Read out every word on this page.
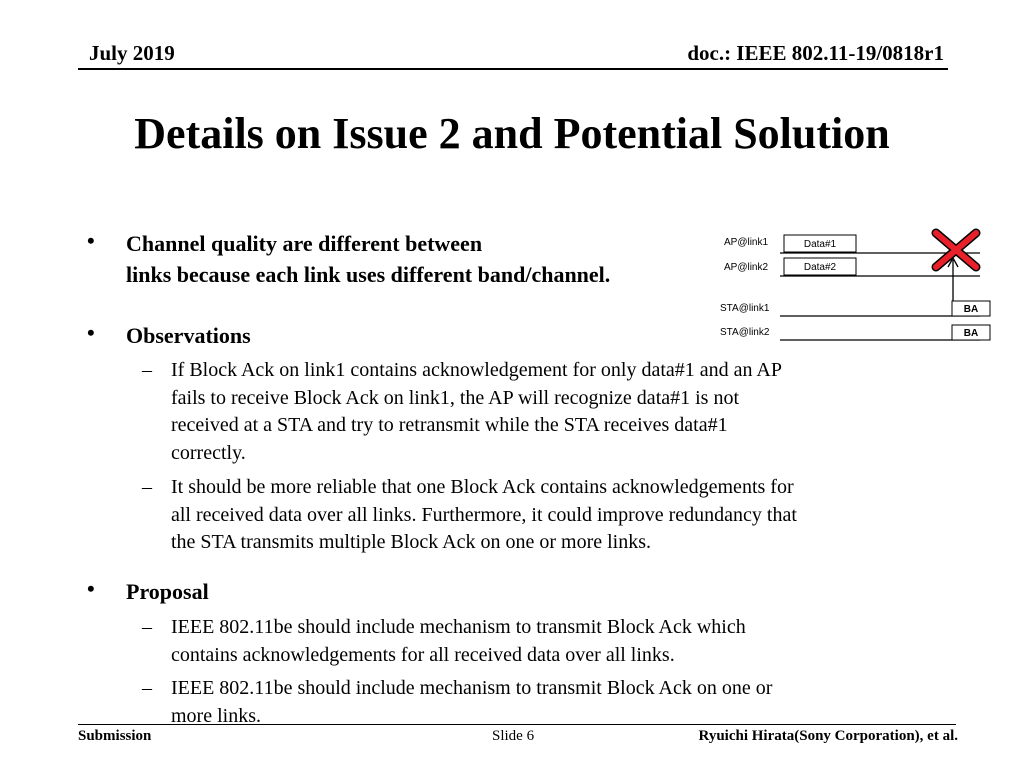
July 2019	doc.: IEEE 802.11-19/0818r1
Details on Issue 2 and Potential Solution
• Channel quality are different between
links because each link uses different band/channel.
• Observations
– If Block Ack on link1 contains acknowledgement for only data#1 and an AP
fails to receive Block Ack on link1, the AP will recognize data#1 is not
received at a STA and try to retransmit while the STA receives data#1
correctly.
– It should be more reliable that one Block Ack contains acknowledgements for
all received data over all links. Furthermore, it could improve redundancy that
the STA transmits multiple Block Ack on one or more links.
• Proposal
– IEEE 802.11be should include mechanism to transmit Block Ack which
contains acknowledgements for all received data over all links.
– IEEE 802.11be should include mechanism to transmit Block Ack on one or
more links.
AP@link1
AP@link2
STA@link1
STA@link2
Data#1
Data#2
BA
BA
Submission	Slide 6	Ryuichi Hirata(Sony Corporation), et al.
